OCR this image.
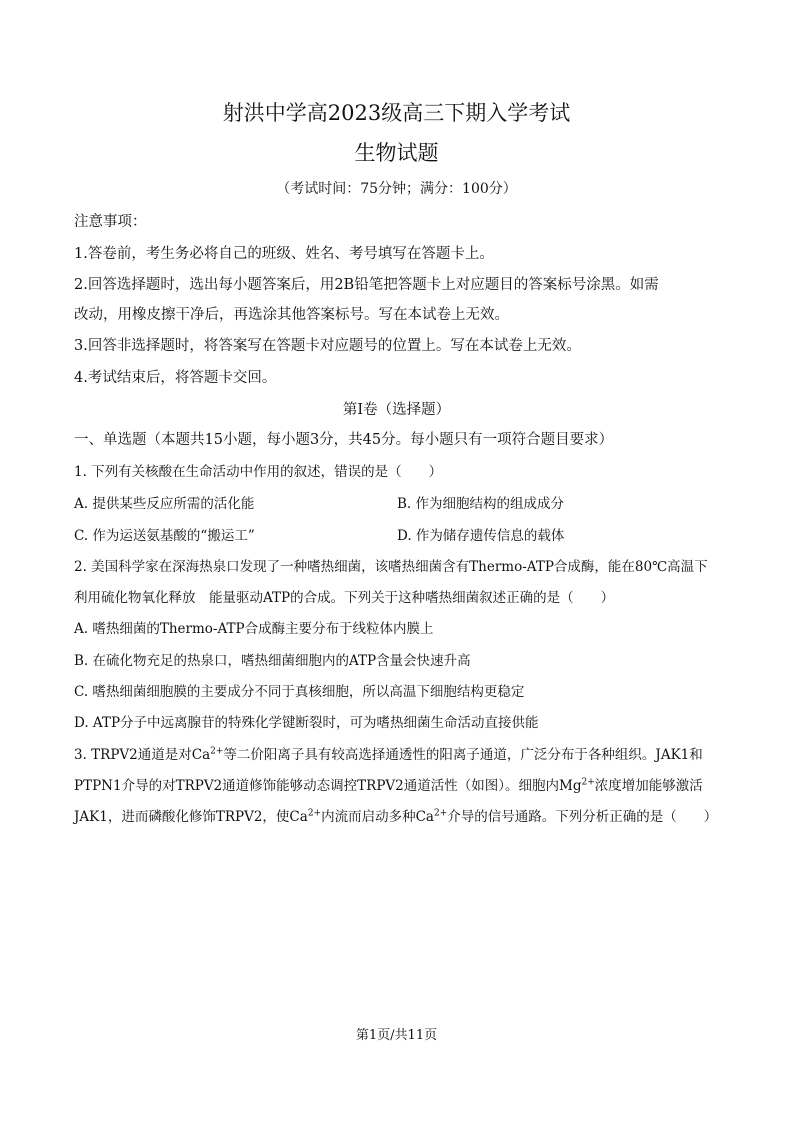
射洪中学高2023级高三下期入学考试
生物试题
（考试时间：75分钟；满分：100分）
注意事项：
1.答卷前，考生务必将自己的班级、姓名、考号填写在答题卡上。
2.回答选择题时，选出每小题答案后，用2B铅笔把答题卡上对应题目的答案标号涂黑。如需
改动，用橡皮擦干净后，再选涂其他答案标号。写在本试卷上无效。
3.回答非选择题时，将答案写在答题卡对应题号的位置上。写在本试卷上无效。
4.考试结束后，将答题卡交回。
第I卷（选择题）
一、单选题（本题共15小题，每小题3分，共45分。每小题只有一项符合题目要求）
1. 下列有关核酸在生命活动中作用的叙述，错误的是（　　）
A. 提供某些反应所需的活化能	B. 作为细胞结构的组成成分
C. 作为运送氨基酸的“搬运工”	D. 作为储存遗传信息的载体
2. 美国科学家在深海热泉口发现了一种嗜热细菌，该嗜热细菌含有Thermo-ATP合成酶，能在80℃高温下
利用硫化物氧化释放　能量驱动ATP的合成。下列关于这种嗜热细菌叙述正确的是（　　）
A. 嗜热细菌的Thermo-ATP合成酶主要分布于线粒体内膜上
B. 在硫化物充足的热泉口，嗜热细菌细胞内的ATP含量会快速升高
C. 嗜热细菌细胞膜的主要成分不同于真核细胞，所以高温下细胞结构更稳定
D. ATP分子中远离腺苷的特殊化学键断裂时，可为嗜热细菌生命活动直接供能
3. TRPV2通道是对$Ca^{2+}$等二价阳离子具有较高选择通透性的阳离子通道，广泛分布于各种组织。JAK1和
PTPN1介导的对TRPV2通道修饰能够动态调控TRPV2通道活性（如图）。细胞内$Mg^{2+}$浓度增加能够激活
JAK1，进而磷酸化修饰TRPV2，使$Ca^{2+}$内流而启动多种$Ca^{2+}$介导的信号通路。下列分析正确的是（　　）
第1页/共11页
